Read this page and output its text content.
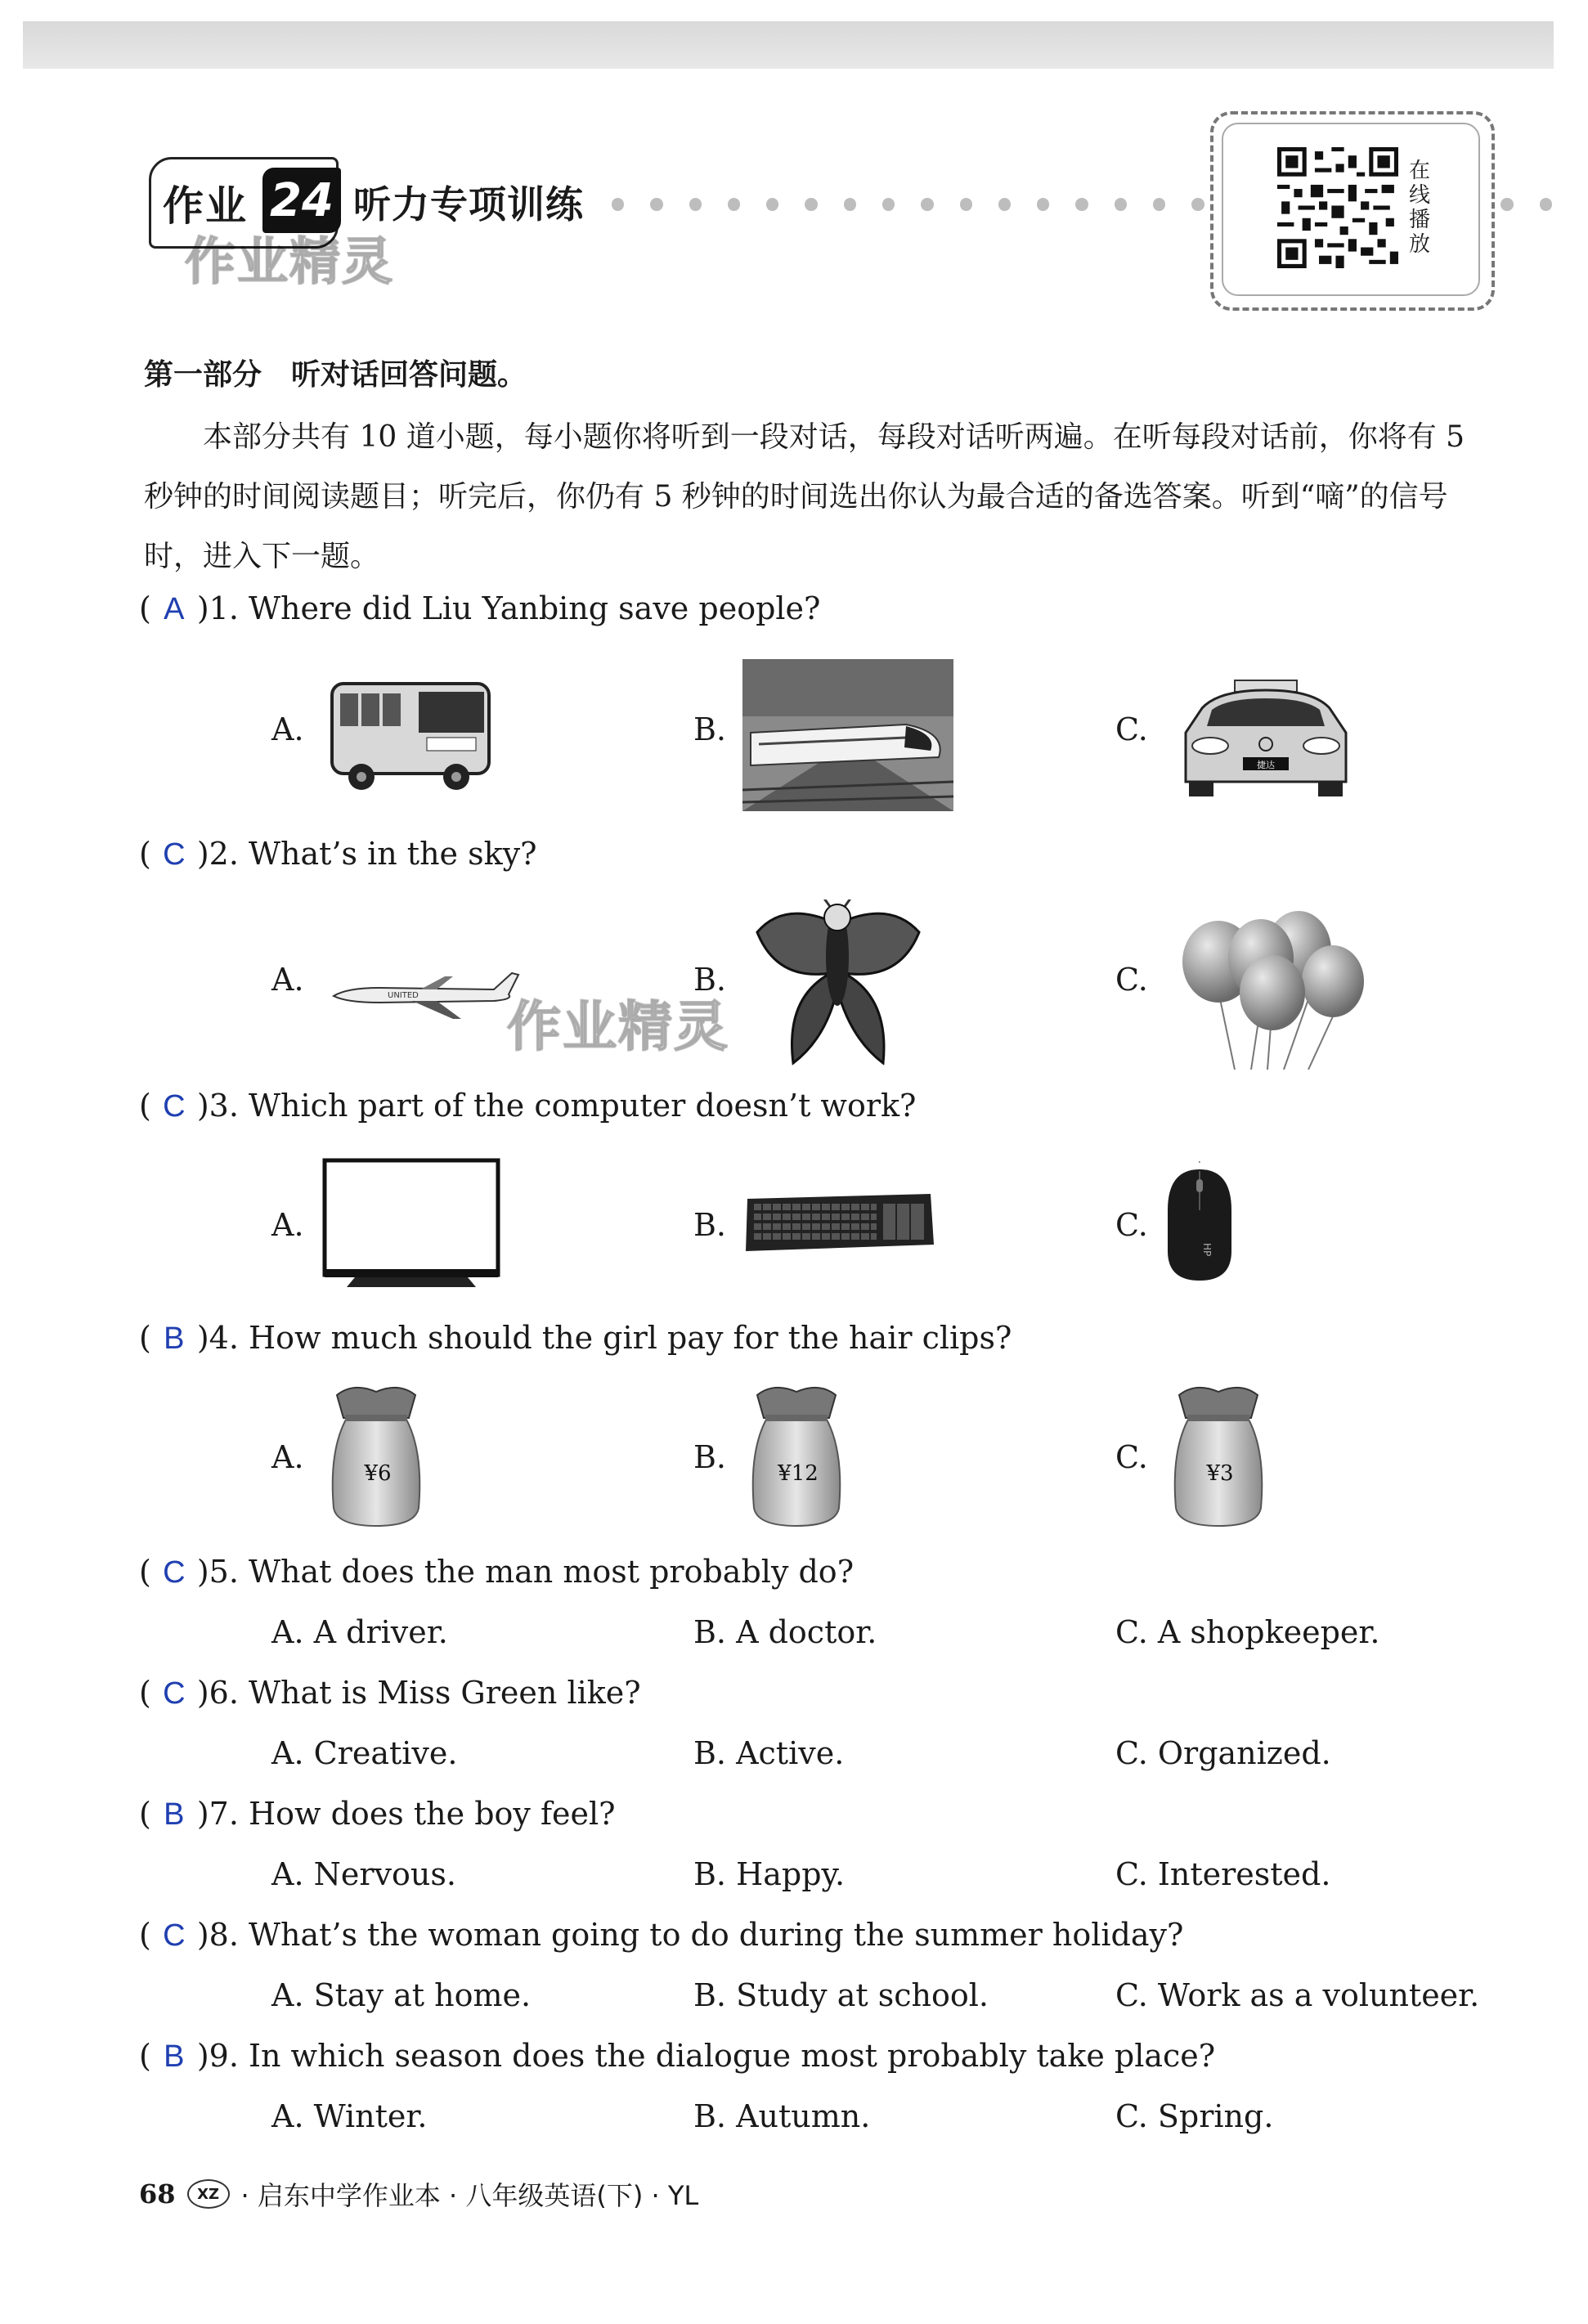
作业 24
作业精灵
听力专项训练
在
线
播
放
第一部分　听对话回答问题。
本部分共有 10 道小题，每小题你将听到一段对话，每段对话听两遍。在听每段对话前，你将有 5 秒钟的时间阅读题目；听完后，你仍有 5 秒钟的时间选出你认为最合适的备选答案。听到“嘀”的信号时，进入下一题。
( A )1. Where did Liu Yanbing save people?
A.	B.	C.
捷达
( C )2. What’s in the sky?
A.	B.	C.
UNITED 作业精灵
( C )3. Which part of the computer doesn’t work?
A.	B.	C.
HP
( B )4. How much should the girl pay for the hair clips?
A.	B.	C.
¥6	¥12	¥3
( C )5. What does the man most probably do?
A. A driver.	B. A doctor.	C. A shopkeeper.
( C )6. What is Miss Green like?
A. Creative.	B. Active.	C. Organized.
( B )7. How does the boy feel?
A. Nervous.	B. Happy.	C. Interested.
( C )8. What’s the woman going to do during the summer holiday?
A. Stay at home.	B. Study at school.	C. Work as a volunteer.
( B )9. In which season does the dialogue most probably take place?
A. Winter.	B. Autumn.	C. Spring.
68	XZ · 启东中学作业本 · 八年级英语(下) · YL
